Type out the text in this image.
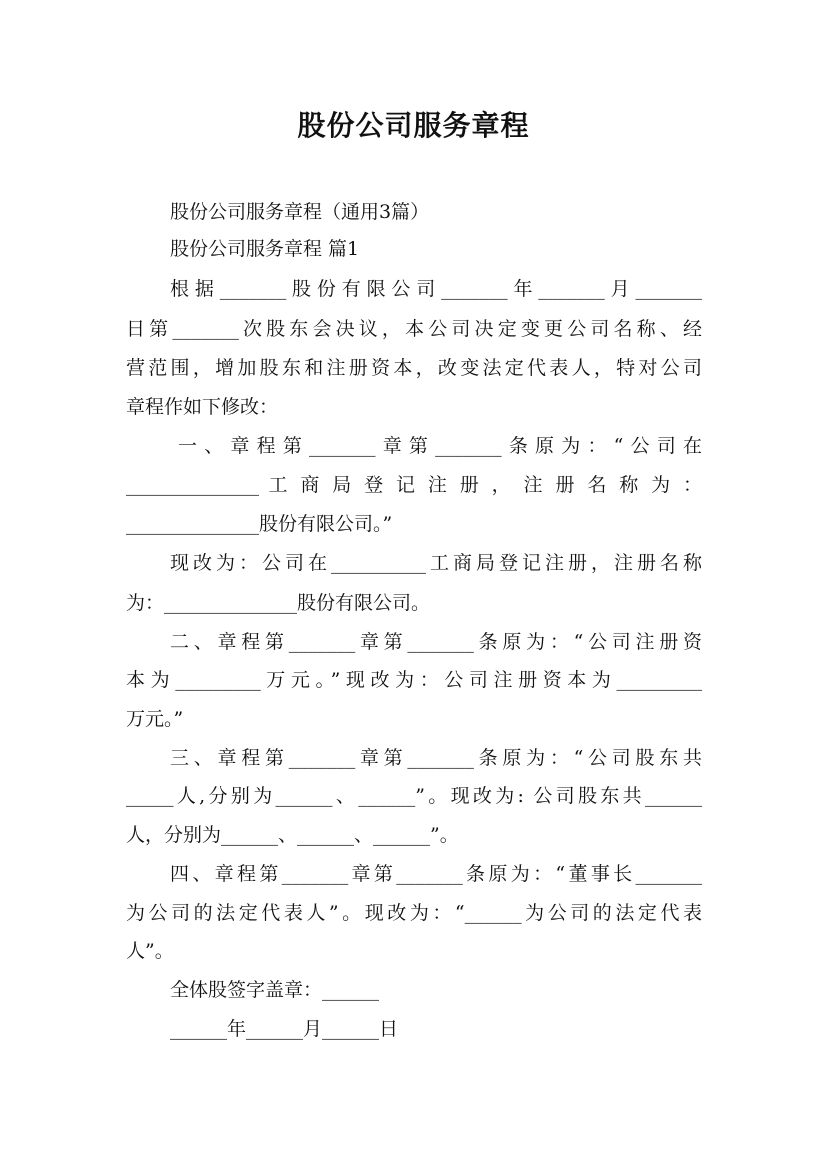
股份公司服务章程
股份公司服务章程（通用3篇）
股份公司服务章程 篇1
根据_______股份有限公司_______年_______月_______
日第_______次股东会决议，本公司决定变更公司名称、经
营范围，增加股东和注册资本，改变法定代表人，特对公司
章程作如下修改：
一、章程第_______章第_______条原为：“公司在
______________ 工 商 局 登 记 注 册 ， 注 册 名 称 为 ：
______________股份有限公司。”
现改为：公司在__________工商局登记注册，注册名称
为：______________股份有限公司。
二、章程第_______章第_______条原为：“公司注册资
本为_________万元。”现改为：公司注册资本为_________
万元。”
三、章程第_______章第_______条原为：“公司股东共
_____人,分别为______、______”。现改为: 公司股东共______
人，分别为______、______、______”。
四、章程第_______章第_______条原为：“董事长_______
为公司的法定代表人”。现改为：“______为公司的法定代表
人”。
全体股签字盖章：______
______年______月______日
